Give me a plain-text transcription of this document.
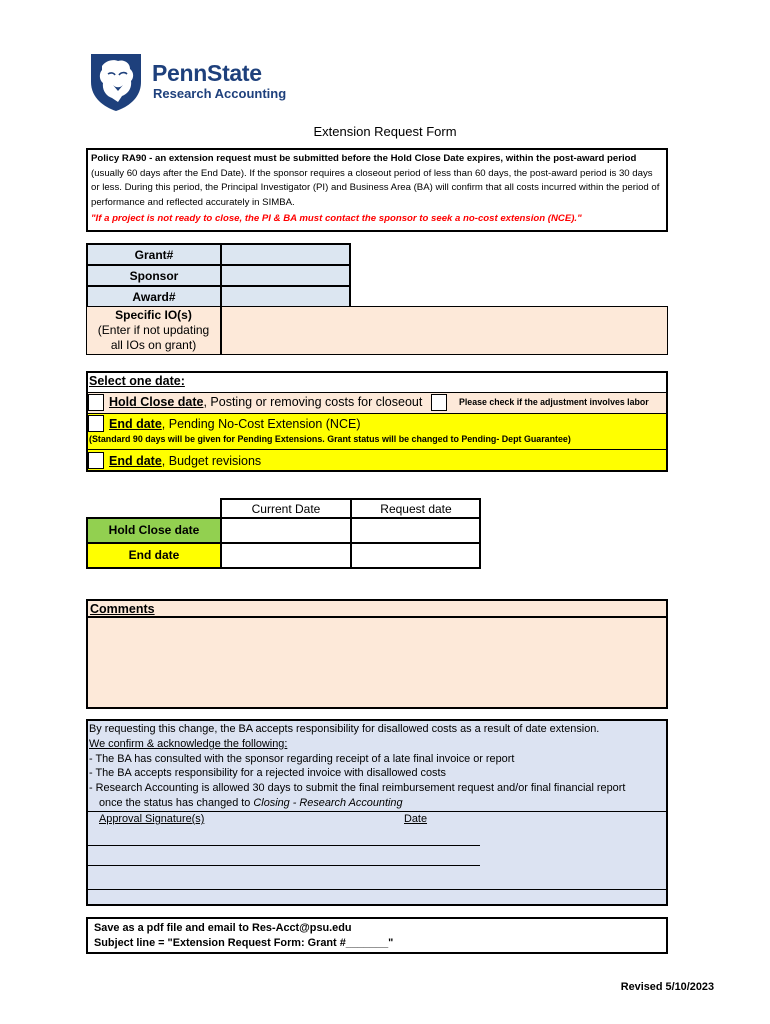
PennState
Research Accounting
Extension Request Form
Policy RA90 - an extension request must be submitted before the Hold Close Date expires, within the post-award period (usually 60 days after the End Date). If the sponsor requires a closeout period of less than 60 days, the post-award period is 30 days or less. During this period, the Principal Investigator (PI) and Business Area (BA) will confirm that all costs incurred within the period of performance and reflected accurately in SIMBA.
"If a project is not ready to close, the PI & BA must contact the sponsor to seek a no-cost extension (NCE)."
Grant#
Sponsor
Award#
Specific IO(s)
(Enter if not updating
all IOs on grant)
Select one date:
Hold Close date, Posting or removing costs for closeout	Please check if the adjustment involves labor
End date, Pending No-Cost Extension (NCE)
(Standard 90 days will be given for Pending Extensions. Grant status will be changed to Pending- Dept Guarantee)
End date, Budget revisions
Current Date	Request date
Hold Close date
End date
Comments
By requesting this change, the BA accepts responsibility for disallowed costs as a result of date extension.
We confirm & acknowledge the following:
- The BA has consulted with the sponsor regarding receipt of a late final invoice or report
- The BA accepts responsibility for a rejected invoice with disallowed costs
- Research Accounting is allowed 30 days to submit the final reimbursement request and/or final financial report
once the status has changed to Closing - Research Accounting
Approval Signature(s)	Date
Save as a pdf file and email to Res-Acct@psu.edu
Subject line = "Extension Request Form: Grant #_______"
Revised 5/10/2023
